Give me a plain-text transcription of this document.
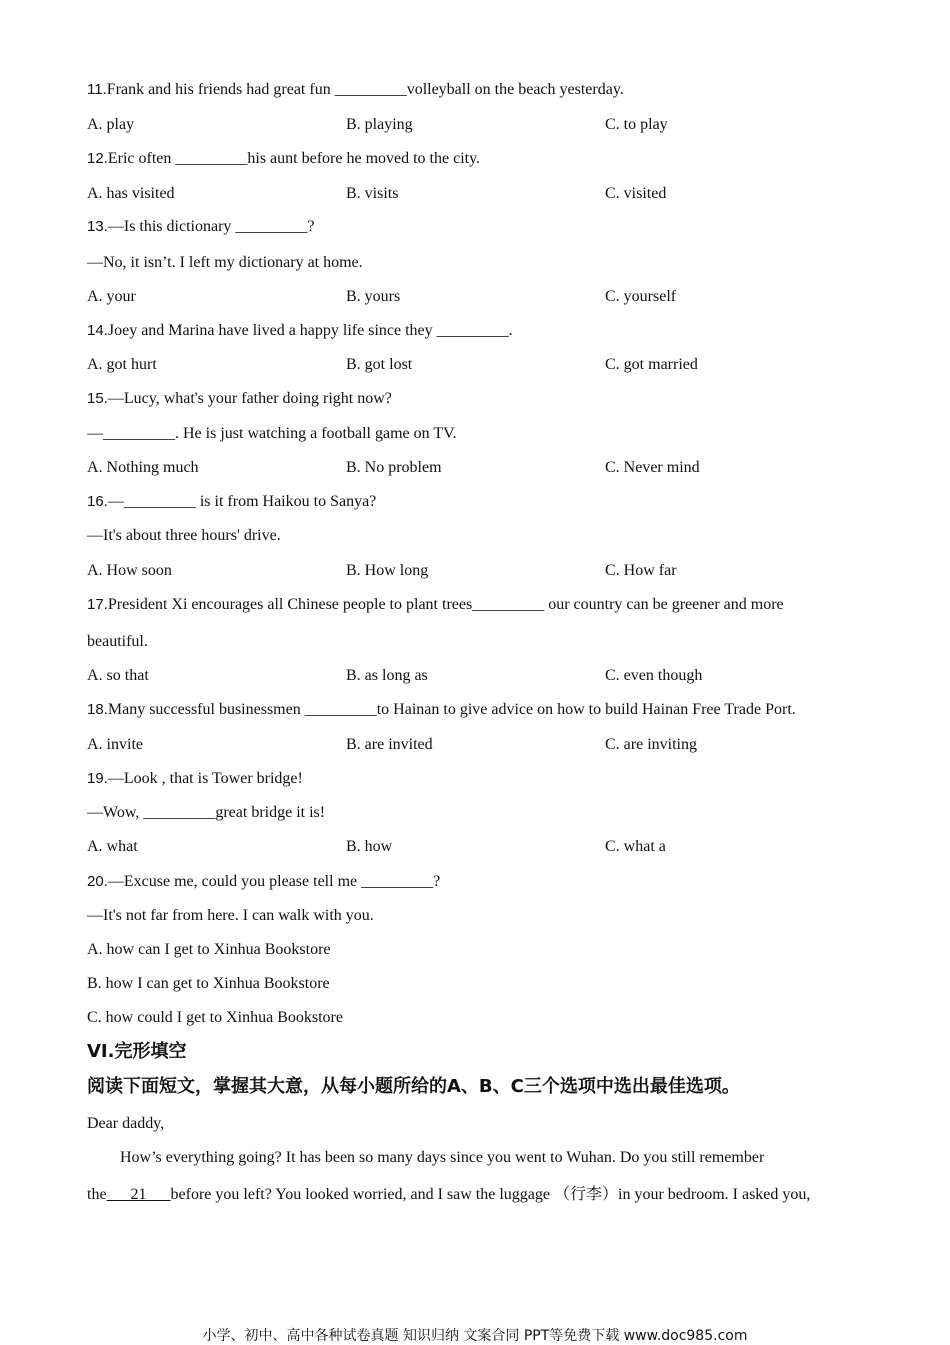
11.Frank and his friends had great fun _________volleyball on the beach yesterday.
A. play	B. playing	C. to play
12.Eric often _________his aunt before he moved to the city.
A. has visited	B. visits	C. visited
13.—Is this dictionary _________?
—No, it isn’t. I left my dictionary at home.
A. your	B. yours	C. yourself
14.Joey and Marina have lived a happy life since they _________.
A. got hurt	B. got lost	C. got married
15.—Lucy, what's your father doing right now?
—_________. He is just watching a football game on TV.
A. Nothing much	B. No problem	C. Never mind
16.—_________ is it from Haikou to Sanya?
—It's about three hours' drive.
A. How soon	B. How long	C. How far
17.President Xi encourages all Chinese people to plant trees_________ our country can be greener and more
beautiful.
A. so that	B. as long as	C. even though
18.Many successful businessmen _________to Hainan to give advice on how to build Hainan Free Trade Port.
A. invite	B. are invited	C. are inviting
19.—Look , that is Tower bridge!
—Wow, _________great bridge it is!
A. what	B. how	C. what a
20.—Excuse me, could you please tell me _________?
—It's not far from here. I can walk with you.
A. how can I get to Xinhua Bookstore
B. how I can get to Xinhua Bookstore
C. how could I get to Xinhua Bookstore
VI.完形填空
阅读下面短文，掌握其大意，从每小题所给的A、B、C三个选项中选出最佳选项。
Dear daddy,
How’s everything going? It has been so many days since you went to Wuhan. Do you still remember
the 21 before you left? You looked worried, and I saw the luggage （行李）in your bedroom. I asked you,
小学、初中、高中各种试卷真题 知识归纳 文案合同 PPT等免费下载 www.doc985.com
